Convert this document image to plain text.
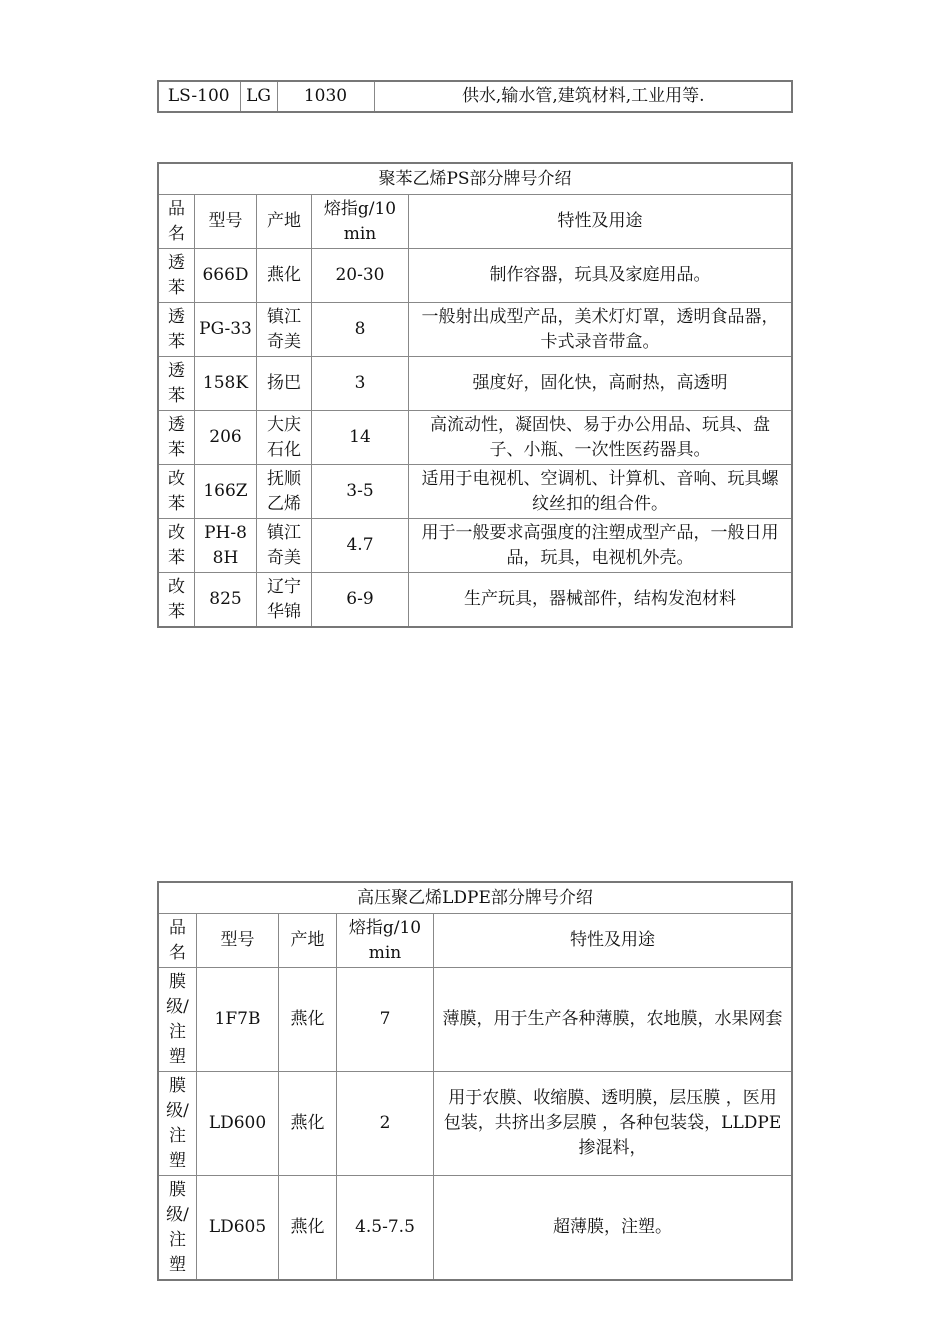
LS-100	LG	1030	供水,输水管,建筑材料,工业用等.
聚苯乙烯PS部分牌号介绍				
品名	型号	产地	熔指g/10min	特性及用途
透苯	666D	燕化	20-30	制作容器，玩具及家庭用品。
透苯	PG-33	镇江奇美	8	一般射出成型产品，美术灯灯罩，透明食品器，卡式录音带盒。
透苯	158K	扬巴	3	强度好，固化快，高耐热，高透明
透苯	206	大庆石化	14	高流动性，凝固快、易于办公用品、玩具、盘子、小瓶、一次性医药器具。
改苯	166Z	抚顺乙烯	3-5	适用于电视机、空调机、计算机、音响、玩具螺纹丝扣的组合件。
改苯	PH-88H	镇江奇美	4.7	用于一般要求高强度的注塑成型产品，一般日用品，玩具，电视机外壳。
改苯	825	辽宁华锦	6-9	生产玩具，器械部件，结构发泡材料
高压聚乙烯LDPE部分牌号介绍				
品名	型号	产地	熔指g/10min	特性及用途
膜级/注塑	1F7B	燕化	7	薄膜，用于生产各种薄膜，农地膜，水果网套
膜级/注塑	LD600	燕化	2	用于农膜、收缩膜、透明膜，层压膜 ，医用包装，共挤出多层膜 ，各种包装袋，LLDPE 掺混料，
膜级/注塑	LD605	燕化	4.5-7.5	超薄膜，注塑。
